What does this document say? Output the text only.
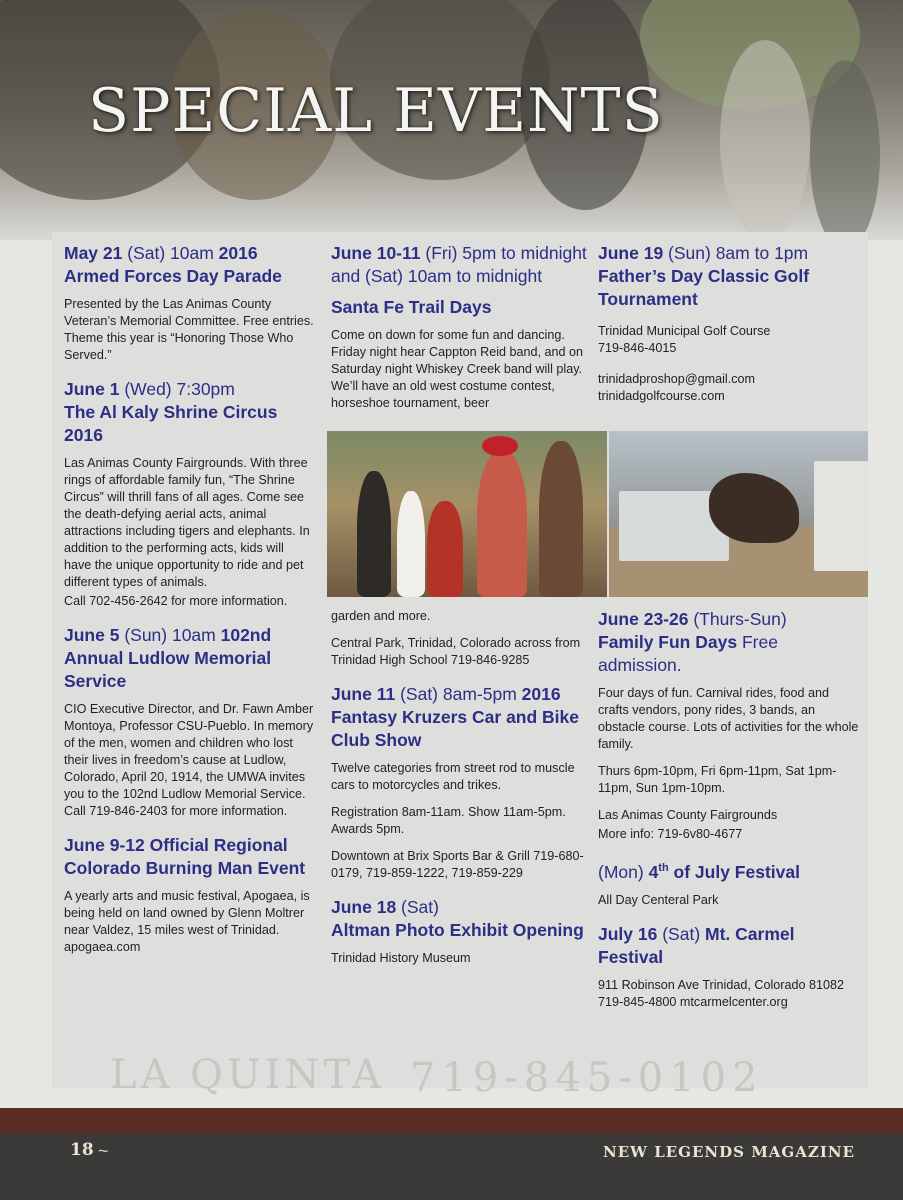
SPECIAL EVENTS
LA QUINTA 719-845-0102
May 21 (Sat) 10am 2016 Armed Forces Day Parade

Presented by the Las Animas County Veteran’s Memorial Committee. Free entries. Theme this year is “Honoring Those Who Served.”

June 1 (Wed) 7:30pm
The Al Kaly Shrine Circus 2016

Las Animas County Fairgrounds. With three rings of affordable family fun, “The Shrine Circus” will thrill fans of all ages. Come see the death-defying aerial acts, animal attractions including tigers and elephants. In addition to the performing acts, kids will have the unique opportunity to ride and pet different types of animals.

Call 702-456-2642 for more information.

June 5 (Sun) 10am 102nd Annual Ludlow Memorial Service

CIO Executive Director, and Dr. Fawn Amber Montoya, Professor CSU-Pueblo. In memory of the men, women and children who lost their lives in freedom’s cause at Ludlow, Colorado, April 20, 1914, the UMWA invites you to the 102nd Ludlow Memorial Service. Call 719-846-2403 for more information.

June 9-12 Official Regional Colorado Burning Man Event

A yearly arts and music festival, Apogaea, is being held on land owned by Glenn Moltrer near Valdez, 15 miles west of Trinidad. apogaea.com

June 10-11 (Fri) 5pm to midnight and (Sat) 10am to midnight
Santa Fe Trail Days

Come on down for some fun and dancing. Friday night hear Cappton Reid band, and on Saturday night Whiskey Creek band will play. We’ll have an old west costume contest, horseshoe tournament, beer

garden and more.

Central Park, Trinidad, Colorado across from Trinidad High School 719-846-9285

June 11 (Sat) 8am-5pm 2016 Fantasy Kruzers Car and Bike Club Show

Twelve categories from street rod to muscle cars to motorcycles and trikes.

Registration 8am-11am. Show 11am-5pm. Awards 5pm.

Downtown at Brix Sports Bar & Grill 719-680-0179, 719-859-1222, 719-859-229

June 18 (Sat)
Altman Photo Exhibit Opening

Trinidad History Museum

June 19 (Sun) 8am to 1pm
Father’s Day Classic Golf Tournament

Trinidad Municipal Golf Course

719-846-4015

trinidadproshop@gmail.com

trinidadgolfcourse.com

June 23-26 (Thurs-Sun)
Family Fun Days Free admission.

Four days of fun. Carnival rides, food and crafts vendors, pony rides, 3 bands, an obstacle course. Lots of activities for the whole family.

Thurs 6pm-10pm, Fri 6pm-11pm, Sat 1pm-11pm, Sun 1pm-10pm.

Las Animas County Fairgrounds

More info: 719-6v80-4677

(Mon) 4th of July Festival

All Day Centeral Park

July 16 (Sat) Mt. Carmel Festival

911 Robinson Ave Trinidad, Colorado 81082 719-845-4800 mtcarmelcenter.org

18 ~	NEW LEGENDS MAGAZINE
